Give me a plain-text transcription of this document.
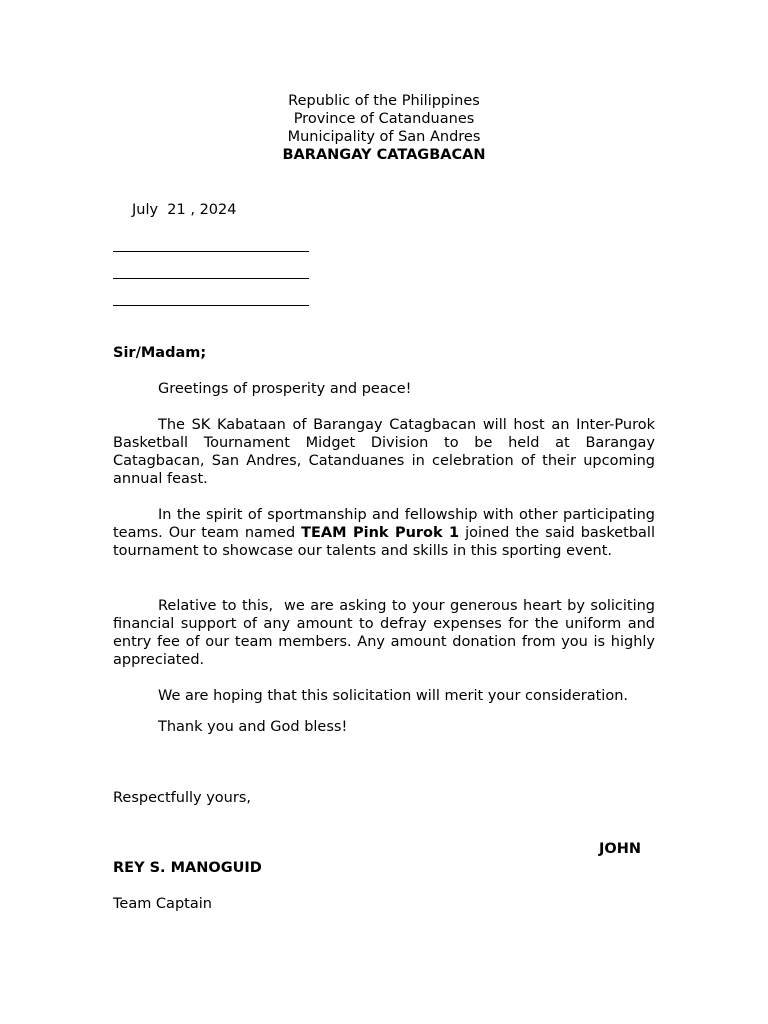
Republic of the Philippines
Province of Catanduanes
Municipality of San Andres
BARANGAY CATAGBACAN
July  21 , 2024
Sir/Madam;
Greetings of prosperity and peace!
The SK Kabataan of Barangay Catagbacan will host an Inter-Purok Basketball Tournament Midget Division to be held at Barangay Catagbacan, San Andres, Catanduanes in celebration of their upcoming annual feast.
In the spirit of sportmanship and fellowship with other participating teams. Our team named TEAM Pink Purok 1 joined the said basketball tournament to showcase our talents and skills in this sporting event.
Relative to this,  we are asking to your generous heart by soliciting financial support of any amount to defray expenses for the uniform and entry fee of our team members. Any amount donation from you is highly appreciated.
We are hoping that this solicitation will merit your consideration.
Thank you and God bless!
Respectfully yours,
JOHN
REY S. MANOGUID
Team Captain
